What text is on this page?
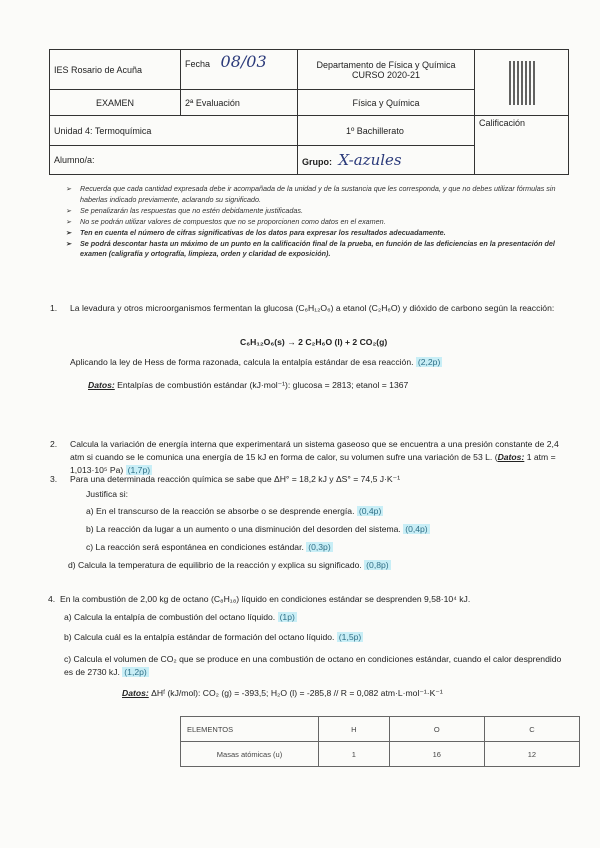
IES Rosario de Acuña	Fecha 08/03	Departamento de Física y Química
CURSO 2020-21	

EXAMEN	2ª Evaluación	Física y Química	
Unidad 4: Termoquímica		1º Bachillerato	Calificación
Alumno/a:		Grupo: X-azules	
➢ Recuerda que cada cantidad expresada debe ir acompañada de la unidad y de la sustancia que les corresponda, y que no debes utilizar fórmulas sin haberlas indicado previamente, aclarando su significado.
➢ Se penalizarán las respuestas que no estén debidamente justificadas.
➢ No se podrán utilizar valores de compuestos que no se proporcionen como datos en el examen.
➢ Ten en cuenta el número de cifras significativas de los datos para expresar los resultados adecuadamente.
➢ Se podrá descontar hasta un máximo de un punto en la calificación final de la prueba, en función de las deficiencias en la presentación del examen (caligrafía y ortografía, limpieza, orden y claridad de exposición).
1.	La levadura y otros microorganismos fermentan la glucosa (C₆H₁₂O₆) a etanol (C₂H₆O) y dióxido de carbono según la reacción:
C₆H₁₂O₆(s) → 2 C₂H₆O (l) + 2 CO₂(g)
Aplicando la ley de Hess de forma razonada, calcula la entalpía estándar de esa reacción. (2,2p)
Datos: Entalpías de combustión estándar (kJ·mol⁻¹): glucosa = 2813; etanol = 1367
2.	Calcula la variación de energía interna que experimentará un sistema gaseoso que se encuentra a una presión constante de 2,4 atm si cuando se le comunica una energía de 15 kJ en forma de calor, su volumen sufre una variación de 53 L. (Datos: 1 atm = 1,013·10⁵ Pa) (1,7p)
3.	Para una determinada reacción química se sabe que ΔH° = 18,2 kJ y ΔS° = 74,5 J·K⁻¹
Justifica si:
a) En el transcurso de la reacción se absorbe o se desprende energía. (0,4p)
b) La reacción da lugar a un aumento o una disminución del desorden del sistema. (0,4p)
c) La reacción será espontánea en condiciones estándar. (0,3p)
d) Calcula la temperatura de equilibrio de la reacción y explica su significado. (0,8p)
4. En la combustión de 2,00 kg de octano (C₈H₁₈) líquido en condiciones estándar se desprenden 9,58·10⁴ kJ.
a) Calcula la entalpía de combustión del octano líquido. (1p)
b) Calcula cuál es la entalpía estándar de formación del octano líquido. (1,5p)
c) Calcula el volumen de CO₂ que se produce en una combustión de octano en condiciones estándar, cuando el calor desprendido es de 2730 kJ. (1,2p)
Datos: ΔHᶠ (kJ/mol): CO₂ (g) = -393,5; H₂O (l) = -285,8 // R = 0,082 atm·L·mol⁻¹·K⁻¹
ELEMENTOS	H	O	C
Masas atómicas (u)	1	16	12
